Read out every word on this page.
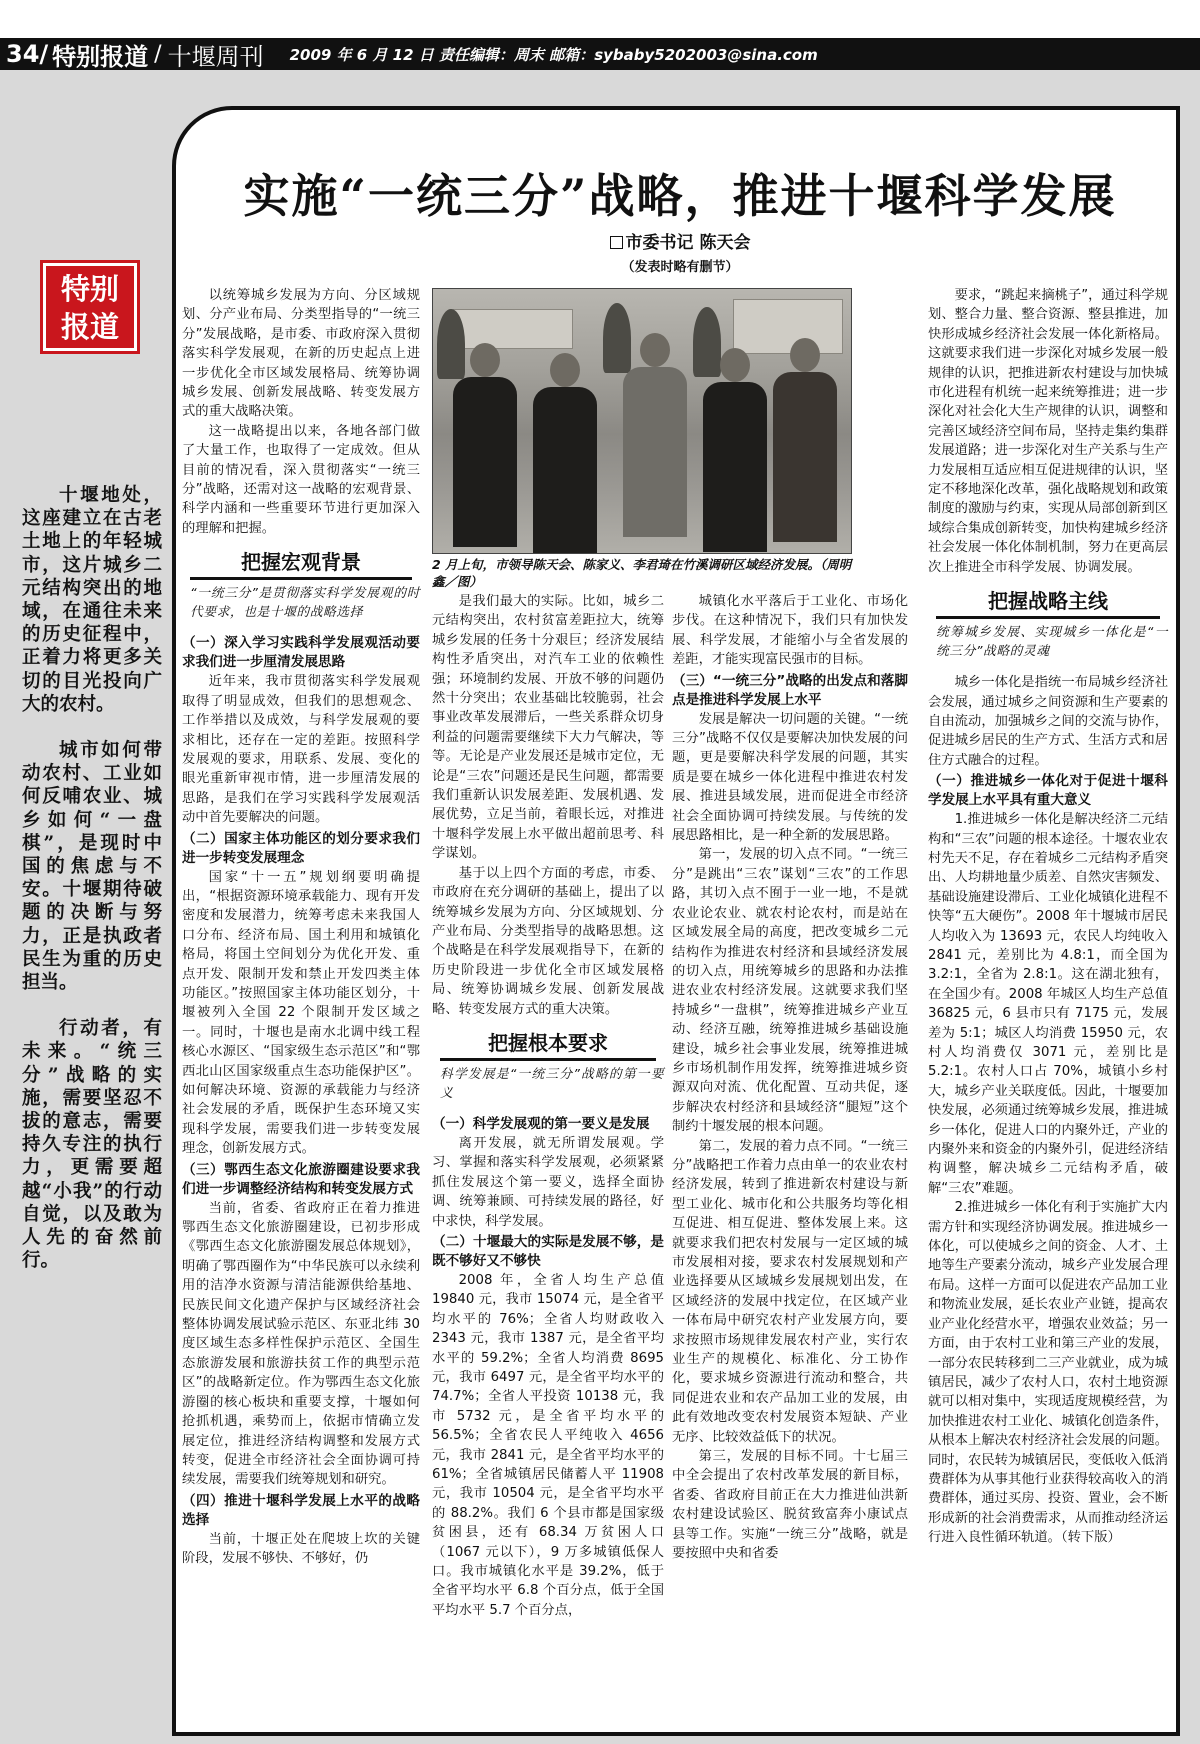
34/ 特别报道 / 十堰周刊 2009 年 6 月 12 日 责任编辑：周末 邮箱：sybaby5202003@sina.com
特别
报道

十堰地处，这座建立在古老土地上的年轻城市，这片城乡二元结构突出的地域，在通往未来的历史征程中，正着力将更多关切的目光投向广大的农村。

城市如何带动农村、工业如何反哺农业、城乡如何“一盘棋”，是现时中国的焦虑与不安。十堰期待破题的决断与努力，正是执政者民生为重的历史担当。

行动者，有未来。“统三分”战略的实施，需要坚忍不拔的意志，需要持久专注的执行力，更需要超越“小我”的行动自觉，以及敢为人先的奋然前行。

实施“一统三分”战略，推进十堰科学发展
市委书记 陈天会
（发表时略有删节）

以统筹城乡发展为方向、分区域规划、分产业布局、分类型指导的“一统三分”发展战略，是市委、市政府深入贯彻落实科学发展观，在新的历史起点上进一步优化全市区域发展格局、统筹协调城乡发展、创新发展战略、转变发展方式的重大战略决策。

这一战略提出以来，各地各部门做了大量工作，也取得了一定成效。但从目前的情况看，深入贯彻落实“一统三分”战略，还需对这一战略的宏观背景、科学内涵和一些重要环节进行更加深入的理解和把握。

把握宏观背景
“一统三分”是贯彻落实科学发展观的时代要求，也是十堰的战略选择
（一）深入学习实践科学发展观活动要求我们进一步厘清发展思路

近年来，我市贯彻落实科学发展观取得了明显成效，但我们的思想观念、工作举措以及成效，与科学发展观的要求相比，还存在一定的差距。按照科学发展观的要求，用联系、发展、变化的眼光重新审视市情，进一步厘清发展的思路，是我们在学习实践科学发展观活动中首先要解决的问题。

（二）国家主体功能区的划分要求我们进一步转变发展理念

国家“十一五”规划纲要明确提出，“根据资源环境承载能力、现有开发密度和发展潜力，统筹考虑未来我国人口分布、经济布局、国土利用和城镇化格局，将国土空间划分为优化开发、重点开发、限制开发和禁止开发四类主体功能区。”按照国家主体功能区划分，十堰被列入全国 22 个限制开发区域之一。同时，十堰也是南水北调中线工程核心水源区、“国家级生态示范区”和“鄂西北山区国家级重点生态功能保护区”。如何解决环境、资源的承载能力与经济社会发展的矛盾，既保护生态环境又实现科学发展，需要我们进一步转变发展理念，创新发展方式。

（三）鄂西生态文化旅游圈建设要求我们进一步调整经济结构和转变发展方式

当前，省委、省政府正在着力推进鄂西生态文化旅游圈建设，已初步形成《鄂西生态文化旅游圈发展总体规划》，明确了鄂西圈作为“中华民族可以永续利用的洁净水资源与清洁能源供给基地、民族民间文化遗产保护与区域经济社会整体协调发展试验示范区、东亚北纬 30 度区域生态多样性保护示范区、全国生态旅游发展和旅游扶贫工作的典型示范区”的战略新定位。作为鄂西生态文化旅游圈的核心板块和重要支撑，十堰如何抢抓机遇，乘势而上，依据市情确立发展定位，推进经济结构调整和发展方式转变，促进全市经济社会全面协调可持续发展，需要我们统筹规划和研究。

（四）推进十堰科学发展上水平的战略选择

当前，十堰正处在爬坡上坎的关键阶段，发展不够快、不够好，仍

2 月上旬，市领导陈天会、陈家义、李君琦在竹溪调研区域经济发展。（周明鑫／图）

是我们最大的实际。比如，城乡二元结构突出，农村贫富差距拉大，统筹城乡发展的任务十分艰巨；经济发展结构性矛盾突出，对汽车工业的依赖性强；环境制约发展、开放不够的问题仍然十分突出；农业基础比较脆弱，社会事业改革发展滞后，一些关系群众切身利益的问题需要继续下大力气解决，等等。无论是产业发展还是城市定位，无论是“三农”问题还是民生问题，都需要我们重新认识发展差距、发展机遇、发展优势，立足当前，着眼长远，对推进十堰科学发展上水平做出超前思考、科学谋划。

基于以上四个方面的考虑，市委、市政府在充分调研的基础上，提出了以统筹城乡发展为方向、分区域规划、分产业布局、分类型指导的战略思想。这个战略是在科学发展观指导下，在新的历史阶段进一步优化全市区域发展格局、统筹协调城乡发展、创新发展战略、转变发展方式的重大决策。

把握根本要求
科学发展是“一统三分”战略的第一要义
（一）科学发展观的第一要义是发展

离开发展，就无所谓发展观。学习、掌握和落实科学发展观，必须紧紧抓住发展这个第一要义，选择全面协调、统筹兼顾、可持续发展的路径，好中求快，科学发展。

（二）十堰最大的实际是发展不够，是既不够好又不够快

2008 年，全省人均生产总值 19840 元，我市 15074 元，是全省平均水平的 76%；全省人均财政收入 2343 元，我市 1387 元，是全省平均水平的 59.2%；全省人均消费 8695 元，我市 6497 元，是全省平均水平的 74.7%；全省人平投资 10138 元，我市 5732 元，是全省平均水平的 56.5%；全省农民人平纯收入 4656 元，我市 2841 元，是全省平均水平的 61%；全省城镇居民储蓄人平 11908 元，我市 10504 元，是全省平均水平的 88.2%。我们 6 个县市都是国家级贫困县，还有 68.34 万贫困人口（1067 元以下），9 万多城镇低保人口。我市城镇化水平是 39.2%，低于全省平均水平 6.8 个百分点，低于全国平均水平 5.7 个百分点，

城镇化水平落后于工业化、市场化步伐。在这种情况下，我们只有加快发展、科学发展，才能缩小与全省发展的差距，才能实现富民强市的目标。

（三）“一统三分”战略的出发点和落脚点是推进科学发展上水平

发展是解决一切问题的关键。“一统三分”战略不仅仅是要解决加快发展的问题，更是要解决科学发展的问题，其实质是要在城乡一体化进程中推进农村发展、推进县域发展，进而促进全市经济社会全面协调可持续发展。与传统的发展思路相比，是一种全新的发展思路。

第一，发展的切入点不同。“一统三分”是跳出“三农”谋划“三农”的工作思路，其切入点不囿于一业一地，不是就农业论农业、就农村论农村，而是站在区域发展全局的高度，把改变城乡二元结构作为推进农村经济和县域经济发展的切入点，用统筹城乡的思路和办法推进农业农村经济发展。这就要求我们坚持城乡“一盘棋”，统筹推进城乡产业互动、经济互融，统筹推进城乡基础设施建设，城乡社会事业发展，统筹推进城乡市场机制作用发挥，统筹推进城乡资源双向对流、优化配置、互动共促，逐步解决农村经济和县域经济“腿短”这个制约十堰发展的根本问题。

第二，发展的着力点不同。“一统三分”战略把工作着力点由单一的农业农村经济发展，转到了推进新农村建设与新型工业化、城市化和公共服务均等化相互促进、相互促进、整体发展上来。这就要求我们把农村发展与一定区域的城市发展相对接，要求农村发展规划和产业选择要从区域城乡发展规划出发，在区域经济的发展中找定位，在区域产业一体布局中研究农村产业发展方向，要求按照市场规律发展农村产业，实行农业生产的规模化、标准化、分工协作化，要求城乡资源进行流动和整合，共同促进农业和农产品加工业的发展，由此有效地改变农村发展资本短缺、产业无序、比较效益低下的状况。

第三，发展的目标不同。十七届三中全会提出了农村改革发展的新目标，省委、省政府目前正在大力推进仙洪新农村建设试验区、脱贫致富奔小康试点县等工作。实施“一统三分”战略，就是要按照中央和省委

要求，“跳起来摘桃子”，通过科学规划、整合力量、整合资源、整县推进，加快形成城乡经济社会发展一体化新格局。这就要求我们进一步深化对城乡发展一般规律的认识，把推进新农村建设与加快城市化进程有机统一起来统筹推进；进一步深化对社会化大生产规律的认识，调整和完善区域经济空间布局，坚持走集约集群发展道路；进一步深化对生产关系与生产力发展相互适应相互促进规律的认识，坚定不移地深化改革，强化战略规划和政策制度的激励与约束，实现从局部创新到区域综合集成创新转变，加快构建城乡经济社会发展一体化体制机制，努力在更高层次上推进全市科学发展、协调发展。

把握战略主线
统筹城乡发展、实现城乡一体化是“一统三分”战略的灵魂

城乡一体化是指统一布局城乡经济社会发展，通过城乡之间资源和生产要素的自由流动，加强城乡之间的交流与协作，促进城乡居民的生产方式、生活方式和居住方式融合的过程。

（一）推进城乡一体化对于促进十堰科学发展上水平具有重大意义

1.推进城乡一体化是解决经济二元结构和“三农”问题的根本途径。十堰农业农村先天不足，存在着城乡二元结构矛盾突出、人均耕地量少质差、自然灾害频发、基础设施建设滞后、工业化城镇化进程不快等“五大硬伤”。2008 年十堰城市居民人均收入为 13693 元，农民人均纯收入 2841 元，差别比为 4.8:1，而全国为 3.2:1，全省为 2.8:1。这在湖北独有，在全国少有。2008 年城区人均生产总值 36825 元，6 县市只有 7175 元，发展差为 5:1；城区人均消费 15950 元，农村人均消费仅 3071 元，差别比是 5.2:1。农村人口占 70%，城镇小乡村大，城乡产业关联度低。因此，十堰要加快发展，必须通过统筹城乡发展，推进城乡一体化，促进人口的内聚外迁，产业的内聚外来和资金的内聚外引，促进经济结构调整，解决城乡二元结构矛盾，破解“三农”难题。

2.推进城乡一体化有利于实施扩大内需方针和实现经济协调发展。推进城乡一体化，可以使城乡之间的资金、人才、土地等生产要素分流动，城乡产业发展合理布局。这样一方面可以促进农产品加工业和物流业发展，延长农业产业链，提高农业产业化经营水平，增强农业效益；另一方面，由于农村工业和第三产业的发展，一部分农民转移到二三产业就业，成为城镇居民，减少了农村人口，农村土地资源就可以相对集中，实现适度规模经营，为加快推进农村工业化、城镇化创造条件，从根本上解决农村经济社会发展的问题。同时，农民转为城镇居民，变低收入低消费群体为从事其他行业获得较高收入的消费群体，通过买房、投资、置业，会不断形成新的社会消费需求，从而推动经济运行进入良性循环轨道。（转下版）
